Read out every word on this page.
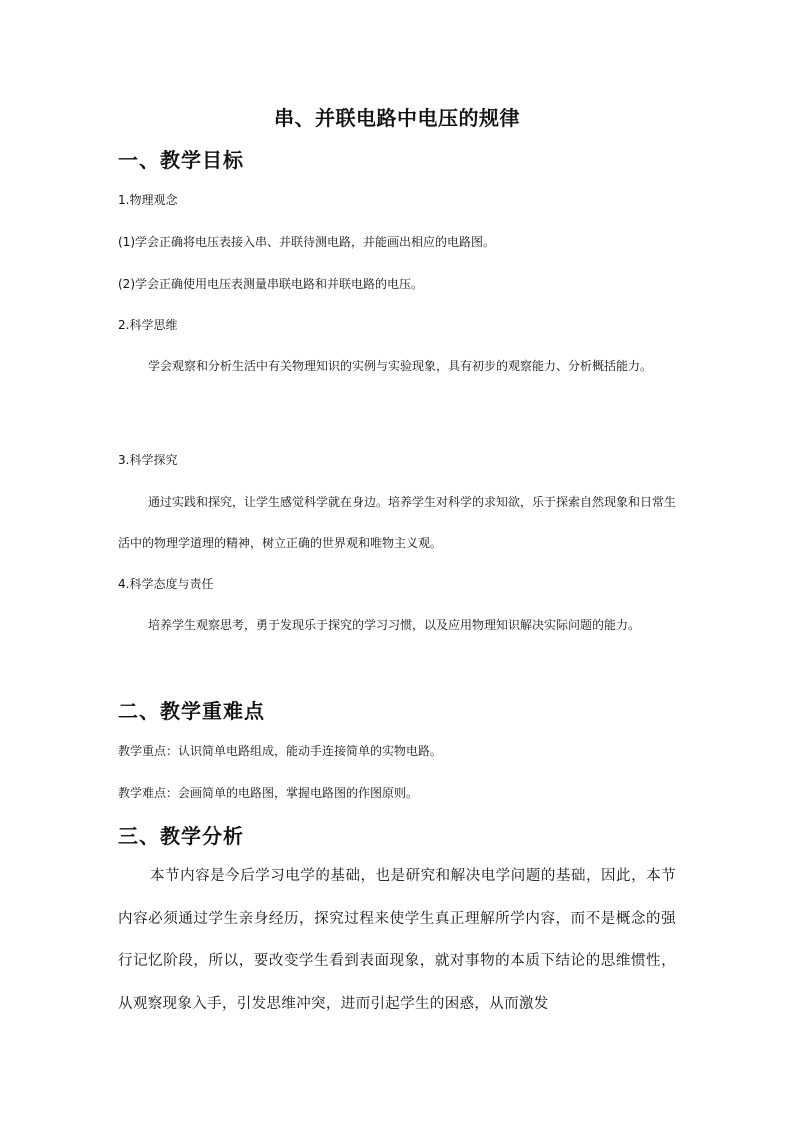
串、并联电路中电压的规律
一、教学目标

1.物理观念

(1)学会正确将电压表接入串、并联待测电路，并能画出相应的电路图。

(2)学会正确使用电压表测量串联电路和并联电路的电压。

2.科学思维

学会观察和分析生活中有关物理知识的实例与实验现象，具有初步的观察能力、分析概括能力。

3.科学探究

通过实践和探究，让学生感觉科学就在身边。培养学生对科学的求知欲，乐于探索自然现象和日常生活中的物理学道理的精神，树立正确的世界观和唯物主义观。

4.科学态度与责任

培养学生观察思考，勇于发现乐于探究的学习习惯，以及应用物理知识解决实际问题的能力。

二、教学重难点

教学重点：认识简单电路组成，能动手连接简单的实物电路。

教学难点：会画简单的电路图，掌握电路图的作图原则。

三、教学分析

本节内容是今后学习电学的基础，也是研究和解决电学问题的基础，因此，本节内容必须通过学生亲身经历，探究过程来使学生真正理解所学内容，而不是概念的强行记忆阶段，所以，要改变学生看到表面现象，就对事物的本质下结论的思维惯性，从观察现象入手，引发思维冲突，进而引起学生的困惑，从而激发
